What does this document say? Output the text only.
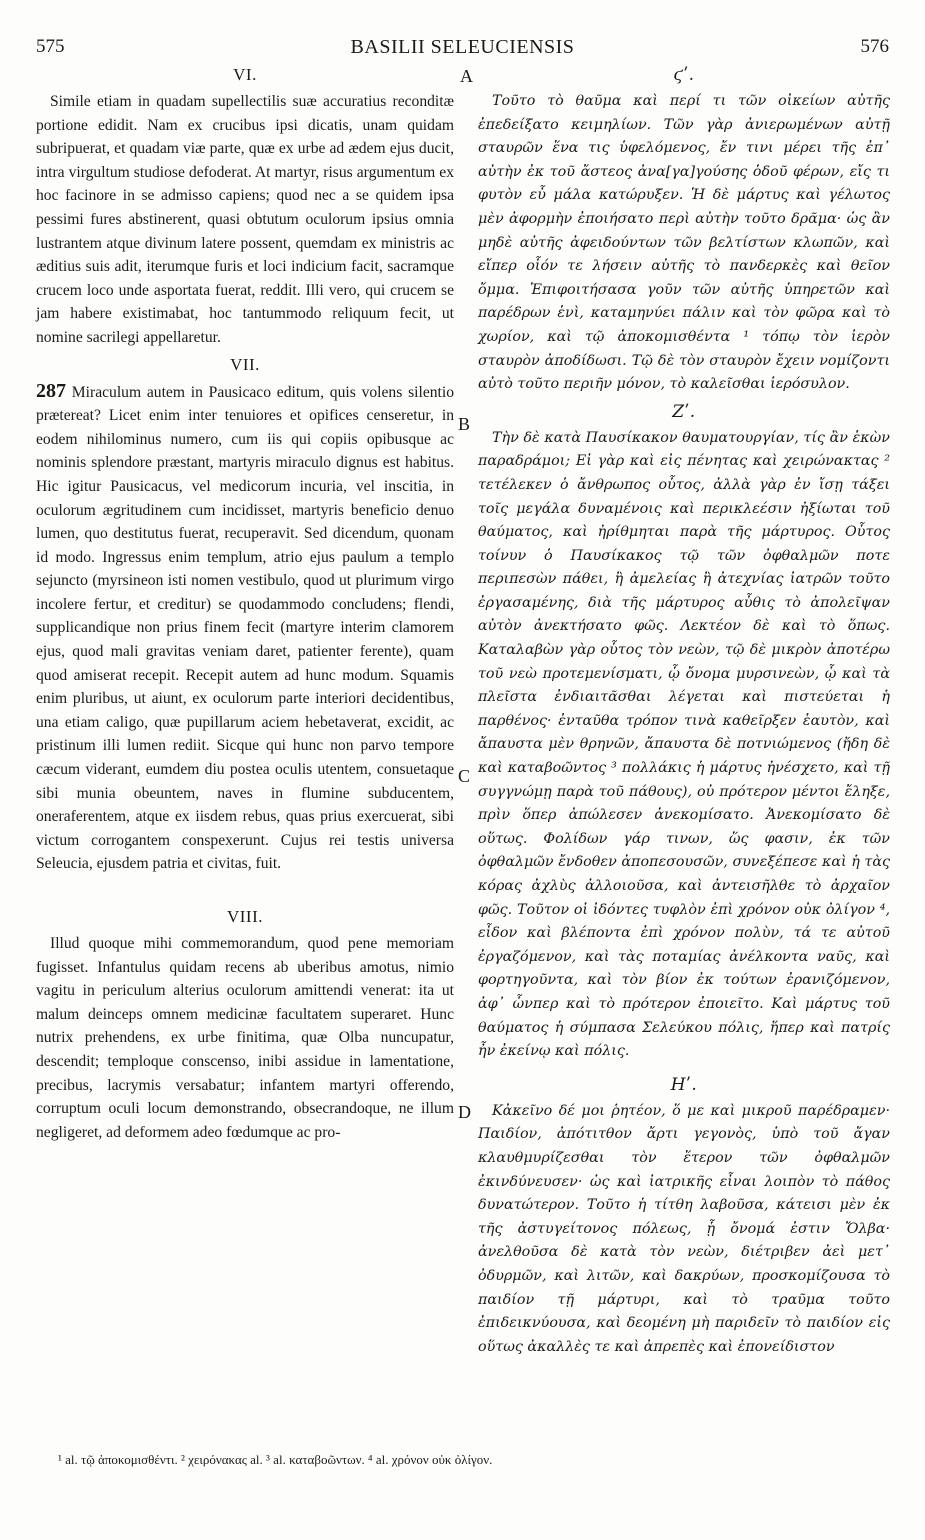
575	BASILII SELEUCIENSIS	576
A
B
C
D
VI.

Simile etiam in quadam supellectilis suæ accuratius reconditæ portione edidit. Nam ex crucibus ipsi dicatis, unam quidam subripuerat, et quadam viæ parte, quæ ex urbe ad ædem ejus ducit, intra virgultum studiose defoderat. At martyr, risus argumentum ex hoc facinore in se admisso capiens; quod nec a se quidem ipsa pessimi fures abstinerent, quasi obtutum oculorum ipsius omnia lustrantem atque divinum latere possent, quemdam ex ministris ac æditius suis adit, iterumque furis et loci indicium facit, sacramque crucem loco unde asportata fuerat, reddit. Illi vero, qui crucem se jam habere existimabat, hoc tantummodo reliquum fecit, ut nomine sacrilegi appellaretur.

VII.

287 Miraculum autem in Pausicaco editum, quis volens silentio prætereat? Licet enim inter tenuiores et opifices censeretur, in eodem nihilominus numero, cum iis qui copiis opibusque ac nominis splendore præstant, martyris miraculo dignus est habitus. Hic igitur Pausicacus, vel medicorum incuria, vel inscitia, in oculorum ægritudinem cum incidisset, martyris beneficio denuo lumen, quo destitutus fuerat, recuperavit. Sed dicendum, quonam id modo. Ingressus enim templum, atrio ejus paulum a templo sejuncto (myrsineon isti nomen vestibulo, quod ut plurimum virgo incolere fertur, et creditur) se quodammodo concludens; flendi, supplicandique non prius finem fecit (martyre interim clamorem ejus, quod mali gravitas veniam daret, patienter ferente), quam quod amiserat recepit. Recepit autem ad hunc modum. Squamis enim pluribus, ut aiunt, ex oculorum parte interiori decidentibus, una etiam caligo, quæ pupillarum aciem hebetaverat, excidit, ac pristinum illi lumen rediit. Sicque qui hunc non parvo tempore cæcum viderant, eumdem diu postea oculis utentem, consuetaque sibi munia obeuntem, naves in flumine subducentem, oneraferentem, atque ex iisdem rebus, quas prius exercuerat, sibi victum corrogantem conspexerunt. Cujus rei testis universa Seleucia, ejusdem patria et civitas, fuit.

VIII.

Illud quoque mihi commemorandum, quod pene memoriam fugisset. Infantulus quidam recens ab uberibus amotus, nimio vagitu in periculum alterius oculorum amittendi venerat: ita ut malum deinceps omnem medicinæ facultatem superaret. Hunc nutrix prehendens, ex urbe finitima, quæ Olba nuncupatur, descendit; temploque conscenso, inibi assidue in lamentatione, precibus, lacrymis versabatur; infantem martyri offerendo, corruptum oculi locum demonstrando, obsecrandoque, ne illum negligeret, ad deformem adeo fœdumque ac pro-

ϛʹ.

Τοῦτο τὸ θαῦμα καὶ περί τι τῶν οἰκείων αὐτῆς ἐπεδείξατο κειμηλίων. Τῶν γὰρ ἀνιερωμένων αὐτῇ σταυρῶν ἕνα τις ὑφελόμενος, ἔν τινι μέρει τῆς ἐπ᾽ αὐτὴν ἐκ τοῦ ἄστεος ἀνα[γα]γούσης ὁδοῦ φέρων, εἴς τι φυτὸν εὖ μάλα κατώρυξεν. Ἡ δὲ μάρτυς καὶ γέλωτος μὲν ἀφορμὴν ἐποιήσατο περὶ αὐτὴν τοῦτο δρᾶμα· ὡς ἂν μηδὲ αὐτῆς ἀφειδούντων τῶν βελτίστων κλωπῶν, καὶ εἴπερ οἷόν τε λήσειν αὐτῆς τὸ πανδερκὲς καὶ θεῖον ὄμμα. Ἐπιφοιτήσασα γοῦν τῶν αὐτῆς ὑπηρετῶν καὶ παρέδρων ἑνὶ, καταμηνύει πάλιν καὶ τὸν φῶρα καὶ τὸ χωρίον, καὶ τῷ ἀποκομισθέντα ¹ τόπῳ τὸν ἱερὸν σταυρὸν ἀποδίδωσι. Τῷ δὲ τὸν σταυρὸν ἔχειν νομίζοντι αὐτὸ τοῦτο περιῆν μόνον, τὸ καλεῖσθαι ἱερόσυλον.

Ζʹ.

Τὴν δὲ κατὰ Παυσίκακον θαυματουργίαν, τίς ἂν ἑκὼν παραδράμοι; Εἰ γὰρ καὶ εἰς πένητας καὶ χειρώνακτας ² τετέλεκεν ὁ ἄνθρωπος οὗτος, ἀλλὰ γὰρ ἐν ἴσῃ τάξει τοῖς μεγάλα δυναμένοις καὶ περικλεέσιν ἠξίωται τοῦ θαύματος, καὶ ἠρίθμηται παρὰ τῆς μάρτυρος. Οὗτος τοίνυν ὁ Παυσίκακος τῷ τῶν ὀφθαλμῶν ποτε περιπεσὼν πάθει, ἢ ἀμελείας ἢ ἀτεχνίας ἰατρῶν τοῦτο ἐργασαμένης, διὰ τῆς μάρτυρος αὖθις τὸ ἀπολεῖψαν αὐτὸν ἀνεκτήσατο φῶς. Λεκτέον δὲ καὶ τὸ ὅπως. Καταλαβὼν γὰρ οὗτος τὸν νεὼν, τῷ δὲ μικρὸν ἀποτέρω τοῦ νεὼ προτεμενίσματι, ᾧ ὄνομα μυρσινεὼν, ᾧ καὶ τὰ πλεῖστα ἐνδιαιτᾶσθαι λέγεται καὶ πιστεύεται ἡ παρθένος· ἐνταῦθα τρόπον τινὰ καθεῖρξεν ἑαυτὸν, καὶ ἄπαυστα μὲν θρηνῶν, ἄπαυστα δὲ ποτνιώμενος (ἤδη δὲ καὶ καταβοῶντος ³ πολλάκις ἡ μάρτυς ἠνέσχετο, καὶ τῇ συγγνώμῃ παρὰ τοῦ πάθους), οὐ πρότερον μέντοι ἔληξε, πρὶν ὅπερ ἀπώλεσεν ἀνεκομίσατο. Ἀνεκομίσατο δὲ οὕτως. Φολίδων γάρ τινων, ὥς φασιν, ἐκ τῶν ὀφθαλμῶν ἔνδοθεν ἀποπεσουσῶν, συνεξέπεσε καὶ ἡ τὰς κόρας ἀχλὺς ἀλλοιοῦσα, καὶ ἀντεισῆλθε τὸ ἀρχαῖον φῶς. Τοῦτον οἱ ἰδόντες τυφλὸν ἐπὶ χρόνον οὐκ ὀλίγον ⁴, εἶδον καὶ βλέποντα ἐπὶ χρόνον πολὺν, τά τε αὐτοῦ ἐργαζόμενον, καὶ τὰς ποταμίας ἀνέλκοντα ναῦς, καὶ φορτηγοῦντα, καὶ τὸν βίον ἐκ τούτων ἐρανιζόμενον, ἀφ᾽ ὧνπερ καὶ τὸ πρότερον ἐποιεῖτο. Καὶ μάρτυς τοῦ θαύματος ἡ σύμπασα Σελεύκου πόλις, ἥπερ καὶ πατρίς ἦν ἐκείνῳ καὶ πόλις.

Ηʹ.

Κἀκεῖνο δέ μοι ῥητέον, ὅ με καὶ μικροῦ παρέδραμεν· Παιδίον, ἀπότιτθον ἄρτι γεγονὸς, ὑπὸ τοῦ ἄγαν κλαυθμυρίζεσθαι τὸν ἕτερον τῶν ὀφθαλμῶν ἐκινδύνευσεν· ὡς καὶ ἰατρικῆς εἶναι λοιπὸν τὸ πάθος δυνατώτερον. Τοῦτο ἡ τίτθη λαβοῦσα, κάτεισι μὲν ἐκ τῆς ἀστυγείτονος πόλεως, ᾗ ὄνομά ἐστιν Ὄλβα· ἀνελθοῦσα δὲ κατὰ τὸν νεὼν, διέτριβεν ἀεὶ μετ᾽ ὀδυρμῶν, καὶ λιτῶν, καὶ δακρύων, προσκομίζουσα τὸ παιδίον τῇ μάρτυρι, καὶ τὸ τραῦμα τοῦτο ἐπιδεικνύουσα, καὶ δεομένη μὴ παριδεῖν τὸ παιδίον εἰς οὕτως ἀκαλλὲς τε καὶ ἀπρεπὲς καὶ ἐπονείδιστον

¹ al. τῷ ἀποκομισθέντι. ² χειρόνακας al. ³ al. καταβοῶντων. ⁴ al. χρόνον οὐκ ὀλίγον.
